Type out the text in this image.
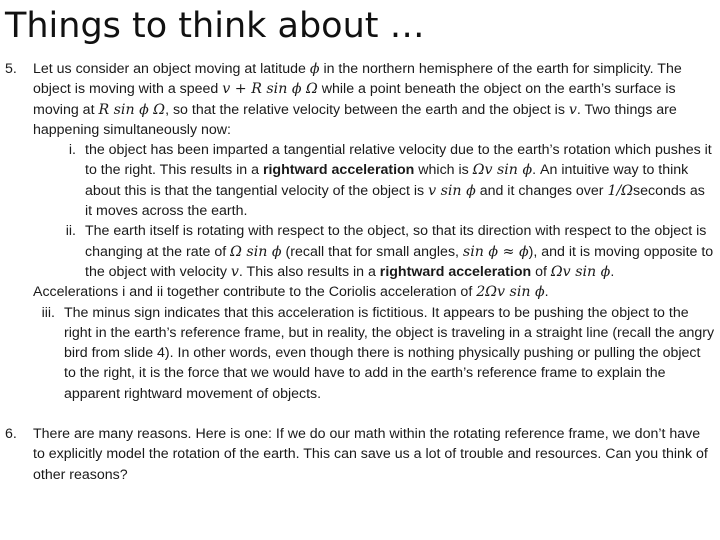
Things to think about …
5.	Let us consider an object moving at latitude ϕ in the northern hemisphere of the earth for simplicity. The object is moving with a speed v + R sin ϕ Ω while a point beneath the object on the earth’s surface is moving at R sin ϕ Ω, so that the relative velocity between the earth and the object is v. Two things are happening simultaneously now:
i. the object has been imparted a tangential relative velocity due to the earth’s rotation which pushes it to the right. This results in a rightward acceleration which is Ωv sin ϕ. An intuitive way to think about this is that the tangential velocity of the object is v sin ϕ and it changes over 1/Ωseconds as it moves across the earth.
ii. The earth itself is rotating with respect to the object, so that its direction with respect to the object is changing at the rate of Ω sin ϕ (recall that for small angles, sin ϕ ≈ ϕ), and it is moving opposite to the object with velocity v. This also results in a rightward acceleration of Ωv sin ϕ.
Accelerations i and ii together contribute to the Coriolis acceleration of 2Ωv sin ϕ.
iii. The minus sign indicates that this acceleration is fictitious. It appears to be pushing the object to the right in the earth’s reference frame, but in reality, the object is traveling in a straight line (recall the angry bird from slide 4). In other words, even though there is nothing physically pushing or pulling the object to the right, it is the force that we would have to add in the earth’s reference frame to explain the apparent rightward movement of objects.
6.	There are many reasons. Here is one: If we do our math within the rotating reference frame, we don’t have to explicitly model the rotation of the earth. This can save us a lot of trouble and resources. Can you think of other reasons?
